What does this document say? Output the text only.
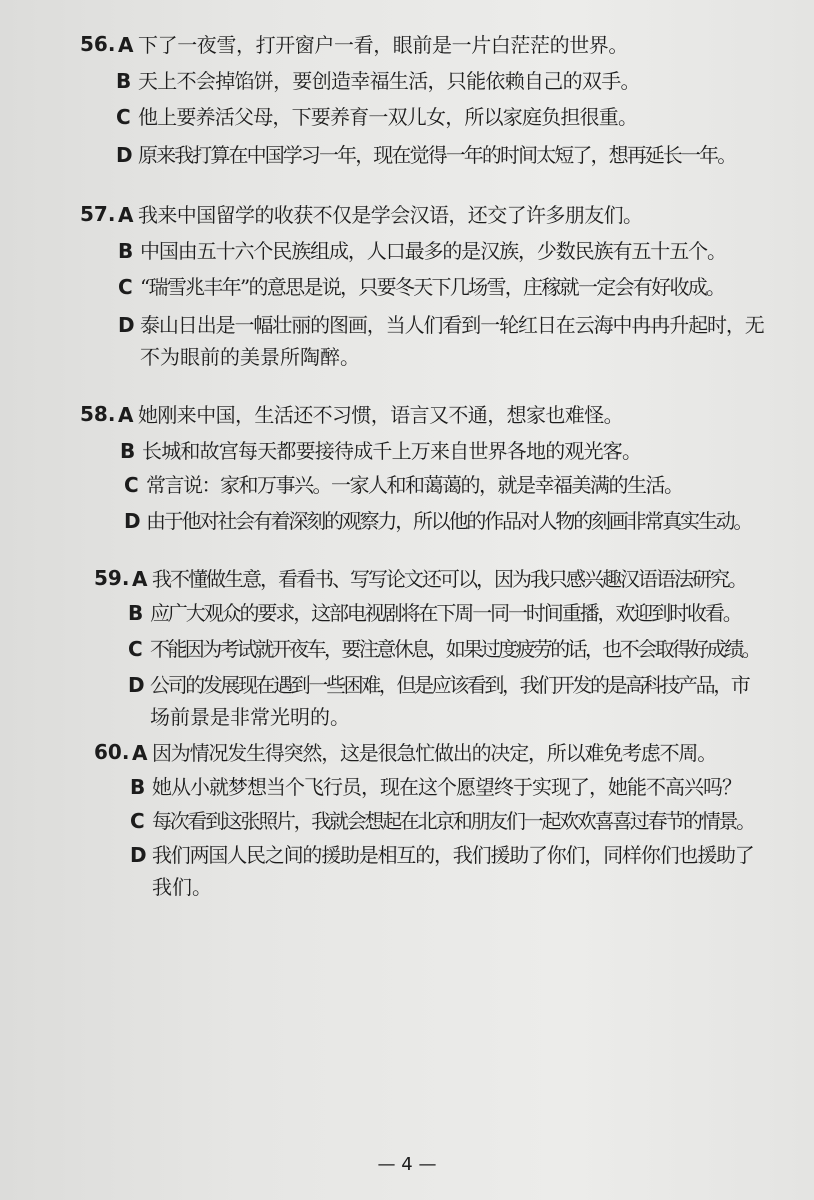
56. A 下了一夜雪，打开窗户一看，眼前是一片白茫茫的世界。
B 天上不会掉馅饼，要创造幸福生活，只能依赖自己的双手。
C 他上要养活父母，下要养育一双儿女，所以家庭负担很重。
D 原来我打算在中国学习一年，现在觉得一年的时间太短了，想再延长一年。
57. A 我来中国留学的收获不仅是学会汉语，还交了许多朋友们。
B 中国由五十六个民族组成，人口最多的是汉族，少数民族有五十五个。
C “瑞雪兆丰年”的意思是说，只要冬天下几场雪，庄稼就一定会有好收成。
D 泰山日出是一幅壮丽的图画，当人们看到一轮红日在云海中冉冉升起时，无
不为眼前的美景所陶醉。
58. A 她刚来中国，生活还不习惯，语言又不通，想家也难怪。
B 长城和故宫每天都要接待成千上万来自世界各地的观光客。
C 常言说：家和万事兴。一家人和和蔼蔼的，就是幸福美满的生活。
D 由于他对社会有着深刻的观察力，所以他的作品对人物的刻画非常真实生动。
59. A 我不懂做生意，看看书、写写论文还可以，因为我只感兴趣汉语语法研究。
B 应广大观众的要求，这部电视剧将在下周一同一时间重播，欢迎到时收看。
C 不能因为考试就开夜车，要注意休息，如果过度疲劳的话，也不会取得好成绩。
D 公司的发展现在遇到一些困难，但是应该看到，我们开发的是高科技产品，市
场前景是非常光明的。
60. A 因为情况发生得突然，这是很急忙做出的决定，所以难免考虑不周。
B 她从小就梦想当个飞行员，现在这个愿望终于实现了，她能不高兴吗？
C 每次看到这张照片，我就会想起在北京和朋友们一起欢欢喜喜过春节的情景。
D 我们两国人民之间的援助是相互的，我们援助了你们，同样你们也援助了
我们。
— 4 —
